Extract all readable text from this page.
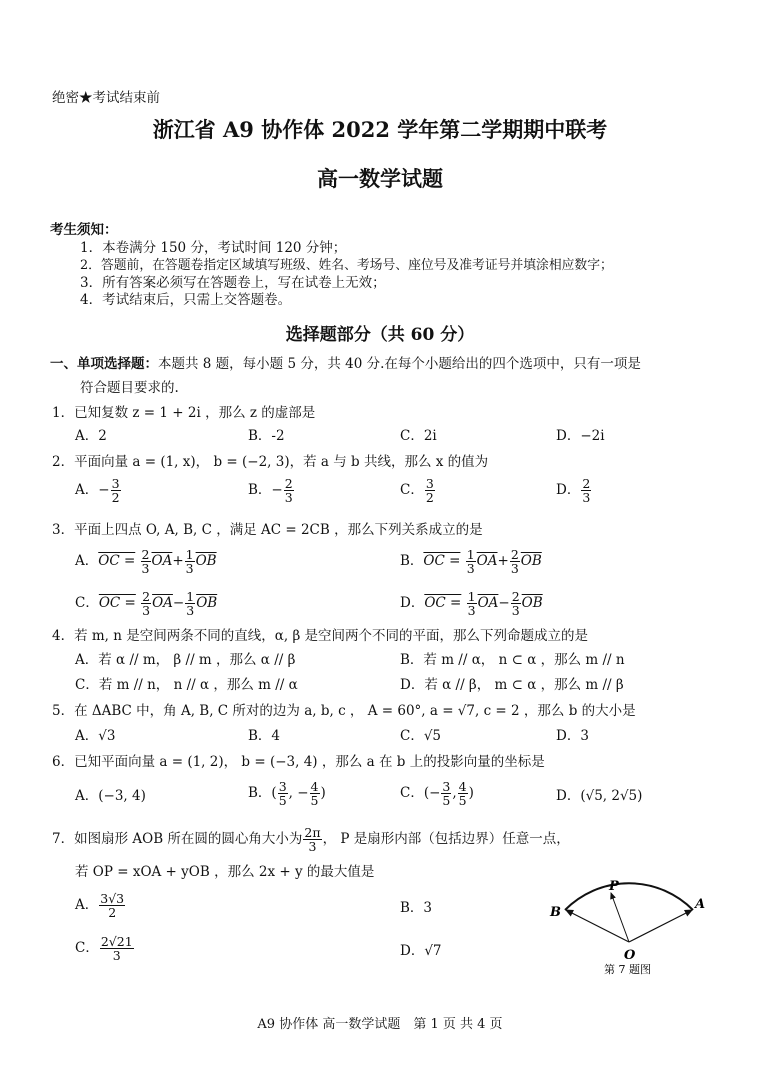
绝密★考试结束前
浙江省 A9 协作体 2022 学年第二学期期中联考
高一数学试题
考生须知：
1．本卷满分 150 分，考试时间 120 分钟；
2．答题前，在答题卷指定区域填写班级、姓名、考场号、座位号及准考证号并填涂相应数字；
3．所有答案必须写在答题卷上，写在试卷上无效；
4．考试结束后，只需上交答题卷。
选择题部分（共 60 分）
一、单项选择题：本题共 8 题，每小题 5 分，共 40 分.在每个小题给出的四个选项中，只有一项是
符合题目要求的.
1．已知复数 z = 1 + 2i ，那么 z 的虚部是
A．2	B．-2	C．2i	D．−2i
2．平面向量 a = (1, x)， b = (−2, 3)，若 a 与 b 共线，那么 x 的值为
A．− $\frac{3}{2}$	B．− $\frac{2}{3}$	C． $\frac{3}{2}$	D． $\frac{2}{3}$
3．平面上四点 O, A, B, C ，满足 AC = 2CB ，那么下列关系成立的是
A．OC = $\frac{2}{3} \overline{OA}+ \frac{1}{3} \overline{OB}$	B．OC = $\frac{1}{3} \overline{OA}+ \frac{2}{3} \overline{OB}$
C．OC = $\frac{2}{3} \overline{OA}- \frac{1}{3} \overline{OB}$	D．OC = $\frac{1}{3} \overline{OA}- \frac{2}{3} \overline{OB}$
4．若 m, n 是空间两条不同的直线，α, β 是空间两个不同的平面，那么下列命题成立的是
A．若 α // m， β // m ，那么 α // β	B．若 m // α， n ⊂ α ，那么 m // n
C．若 m // n， n // α ，那么 m // α	D．若 α // β， m ⊂ α ，那么 m // β
5．在 ΔABC 中，角 A, B, C 所对的边为 a, b, c ， A = 60°, a = √7, c = 2 ，那么 b 的大小是
A．√3	B．4	C．√5	D．3
6．已知平面向量 a = (1, 2)， b = (−3, 4) ，那么 a 在 b 上的投影向量的坐标是
A．(−3, 4)	B．( $\frac{3}{5}$ , − $\frac{4}{5}$ )	C．(− $\frac{3}{5}$ , $\frac{4}{5}$ )	D．(√5, 2√5)
7．如图扇形 AOB 所在圆的圆心角大小为 $\frac{2\pi}{3}$ ， P 是扇形内部（包括边界）任意一点，
若 OP = xOA + yOB ，那么 2x + y 的最大值是
A． $\frac{3√3}{2}$	B．3
C． $\frac{2√21}{3}$	D．√7
P
B
A
O
第 7 题图
A9 协作体 高一数学试题　第 1 页 共 4 页
